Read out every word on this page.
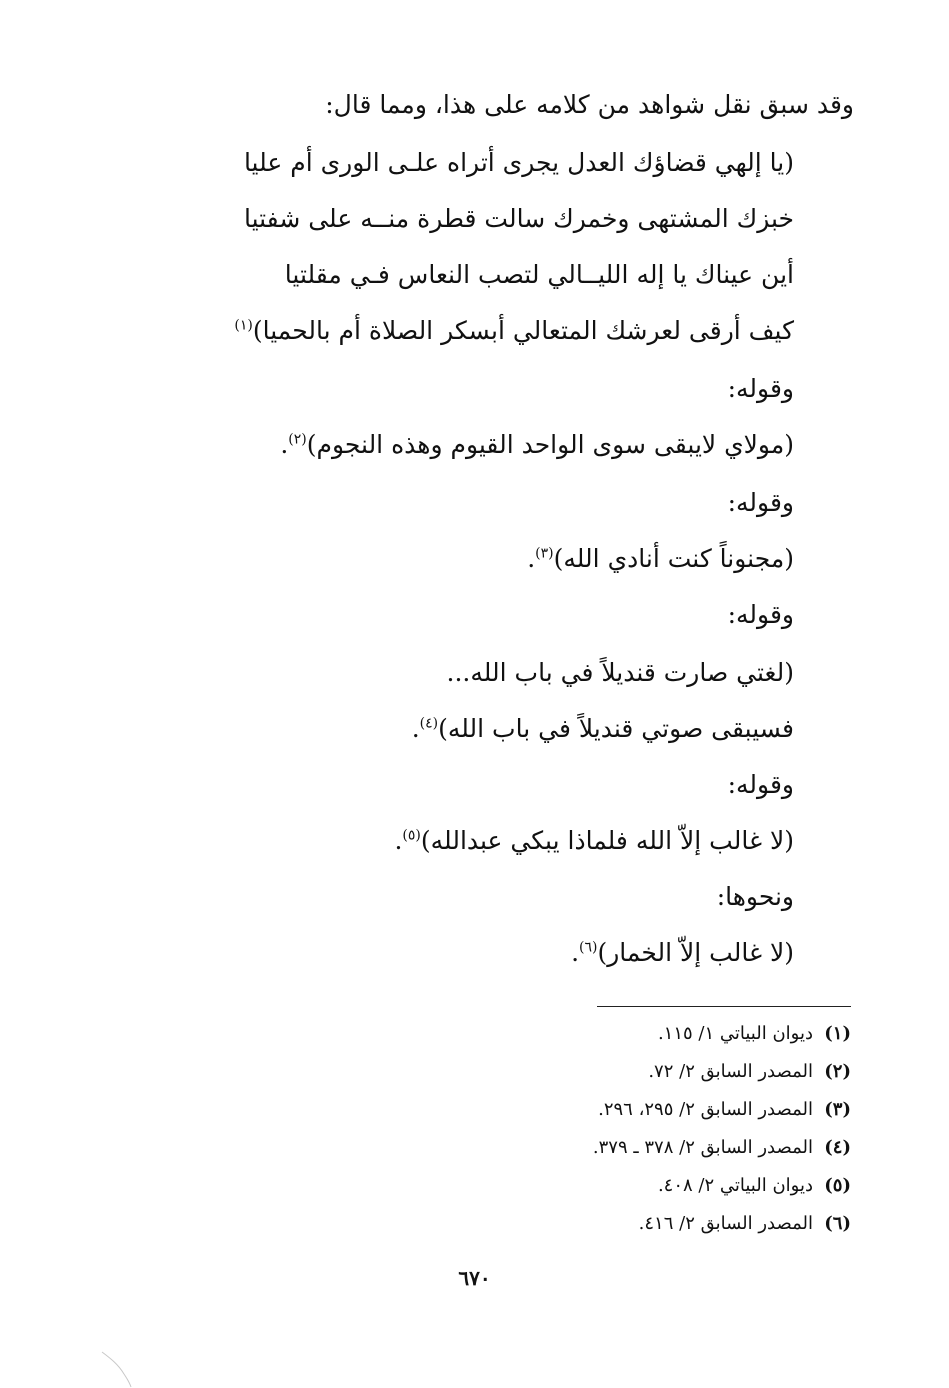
وقد سبق نقل شواهد من كلامه على هذا، ومما قال:
(يا إلهي قضاؤك العدل يجرى أتراه علـى الورى أم عليا
خبزك المشتهى وخمرك سالت قطرة منــه على شفتيا
أين عيناك يا إله الليــالي لتصب النعاس فـي مقلتيا
كيف أرقى لعرشك المتعالي أبسكر الصلاة أم بالحميا)$^{(١)}$
وقوله:
(مولاي لايبقى سوى الواحد القيوم وهذه النجوم)$^{(٢)}$.
وقوله:
(مجنوناً كنت أنادي الله)$^{(٣)}$.
وقوله:
(لغتي صارت قنديلاً في باب الله...
فسيبقى صوتي قنديلاً في باب الله)$^{(٤)}$.
وقوله:
(لا غالب إلاّ الله فلماذا يبكي عبدالله)$^{(٥)}$.
ونحوها:
(لا غالب إلاّ الخمار)$^{(٦)}$.
(١)ديوان البياتي ١/ ١١٥.
(٢)المصدر السابق ٢/ ٧٢.
(٣)المصدر السابق ٢/ ٢٩٥، ٢٩٦.
(٤)المصدر السابق ٢/ ٣٧٨ ـ ٣٧٩.
(٥)ديوان البياتي ٢/ ٤٠٨.
(٦)المصدر السابق ٢/ ٤١٦.
٦٧٠
